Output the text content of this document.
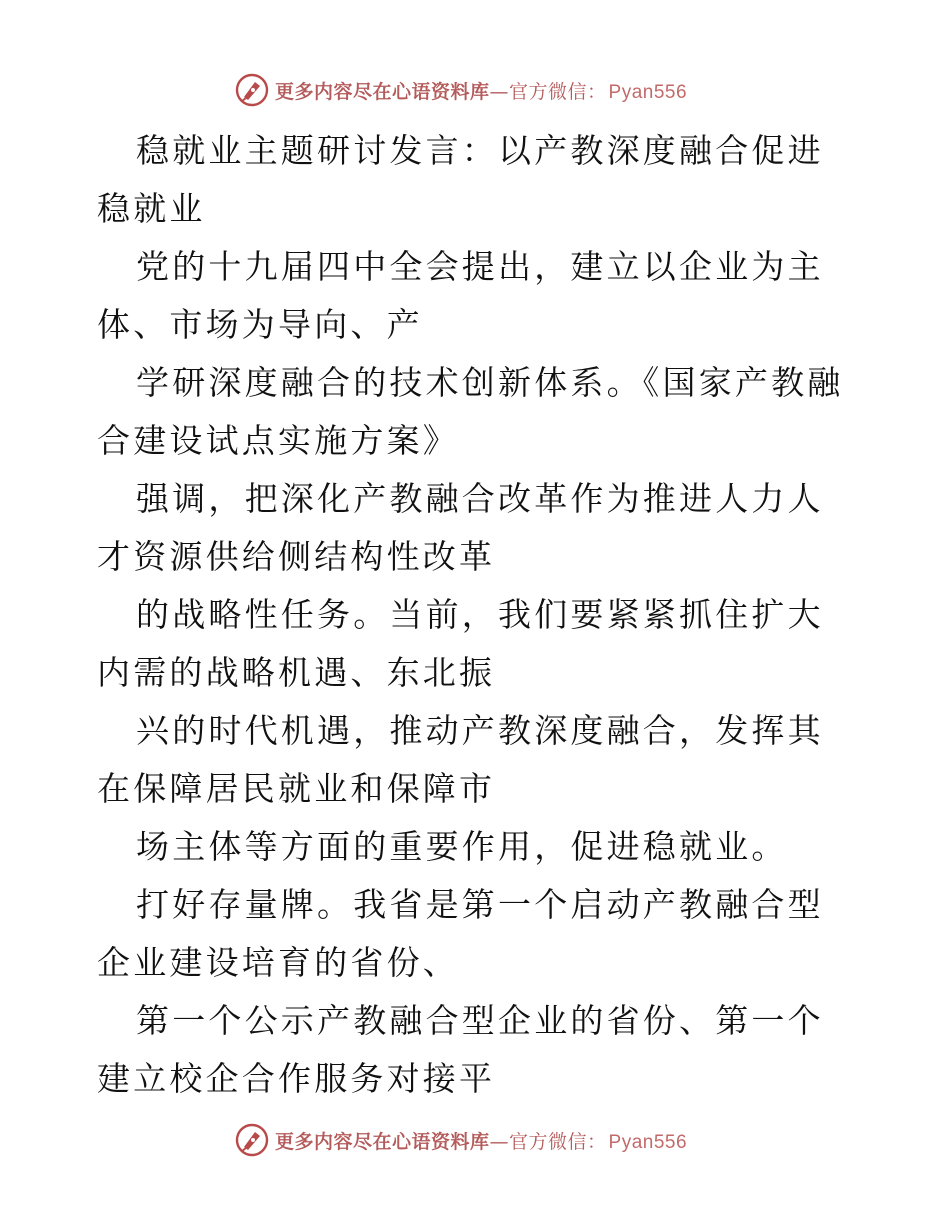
更多内容尽在心语资料库—官方微信： Pyan556

稳就业主题研讨发言：以产教深度融合促进稳就业

党的十九届四中全会提出，建立以企业为主体、市场为导向、产

学研深度融合的技术创新体系。《国家产教融合建设试点实施方案》

强调，把深化产教融合改革作为推进人力人才资源供给侧结构性改革

的战略性任务。当前，我们要紧紧抓住扩大内需的战略机遇、东北振

兴的时代机遇，推动产教深度融合，发挥其在保障居民就业和保障市

场主体等方面的重要作用，促进稳就业。

打好存量牌。我省是第一个启动产教融合型企业建设培育的省份、

第一个公示产教融合型企业的省份、第一个建立校企合作服务对接平

更多内容尽在心语资料库—官方微信： Pyan556
